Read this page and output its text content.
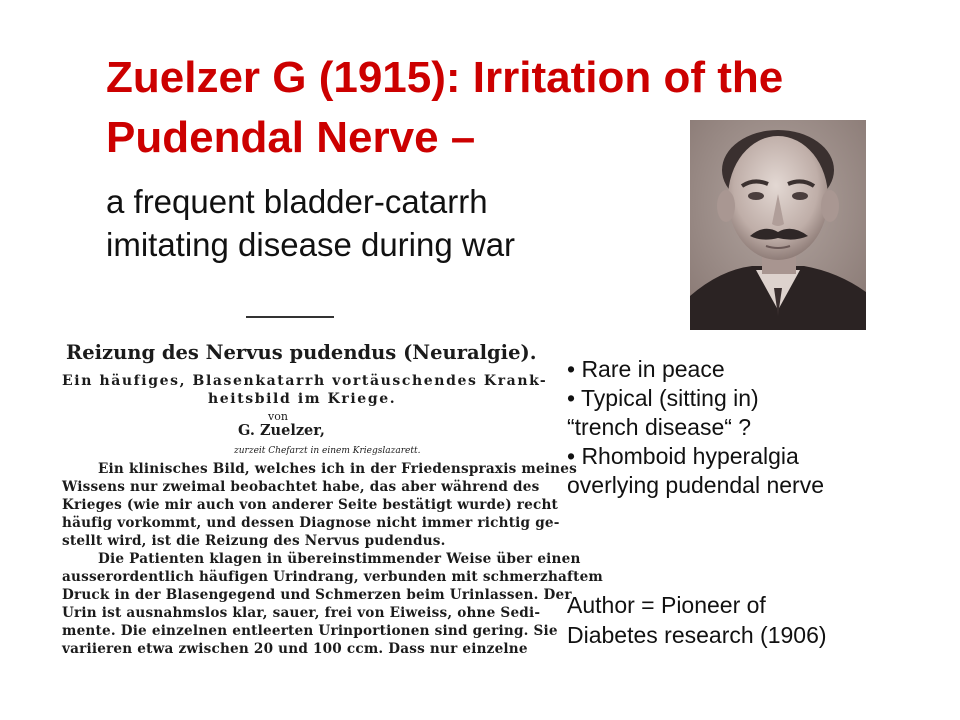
Zuelzer G (1915): Irritation of the
Pudendal Nerve –
a frequent bladder-catarrh
imitating disease during war
Reizung des Nervus pudendus (Neuralgie).
Ein häufiges, Blasenkatarrh vortäuschendes Krank-
heitsbild im Kriege.
von
G. Zuelzer,
zurzeit Chefarzt in einem Kriegslazarett.
Ein klinisches Bild, welches ich in der Friedenspraxis meines
Wissens nur zweimal beobachtet habe, das aber während des
Krieges (wie mir auch von anderer Seite bestätigt wurde) recht
häufig vorkommt, und dessen Diagnose nicht immer richtig ge-
stellt wird, ist die Reizung des Nervus pudendus.
Die Patienten klagen in übereinstimmender Weise über einen
ausserordentlich häufigen Urindrang, verbunden mit schmerzhaftem
Druck in der Blasengegend und Schmerzen beim Urinlassen. Der
Urin ist ausnahmslos klar, sauer, frei von Eiweiss, ohne Sedi-
mente. Die einzelnen entleerten Urinportionen sind gering. Sie
variieren etwa zwischen 20 und 100 ccm. Dass nur einzelne
• Rare in peace
• Typical (sitting in)
“trench disease“ ?
• Rhomboid hyperalgia
overlying pudendal nerve
Author = Pioneer of
Diabetes research (1906)
